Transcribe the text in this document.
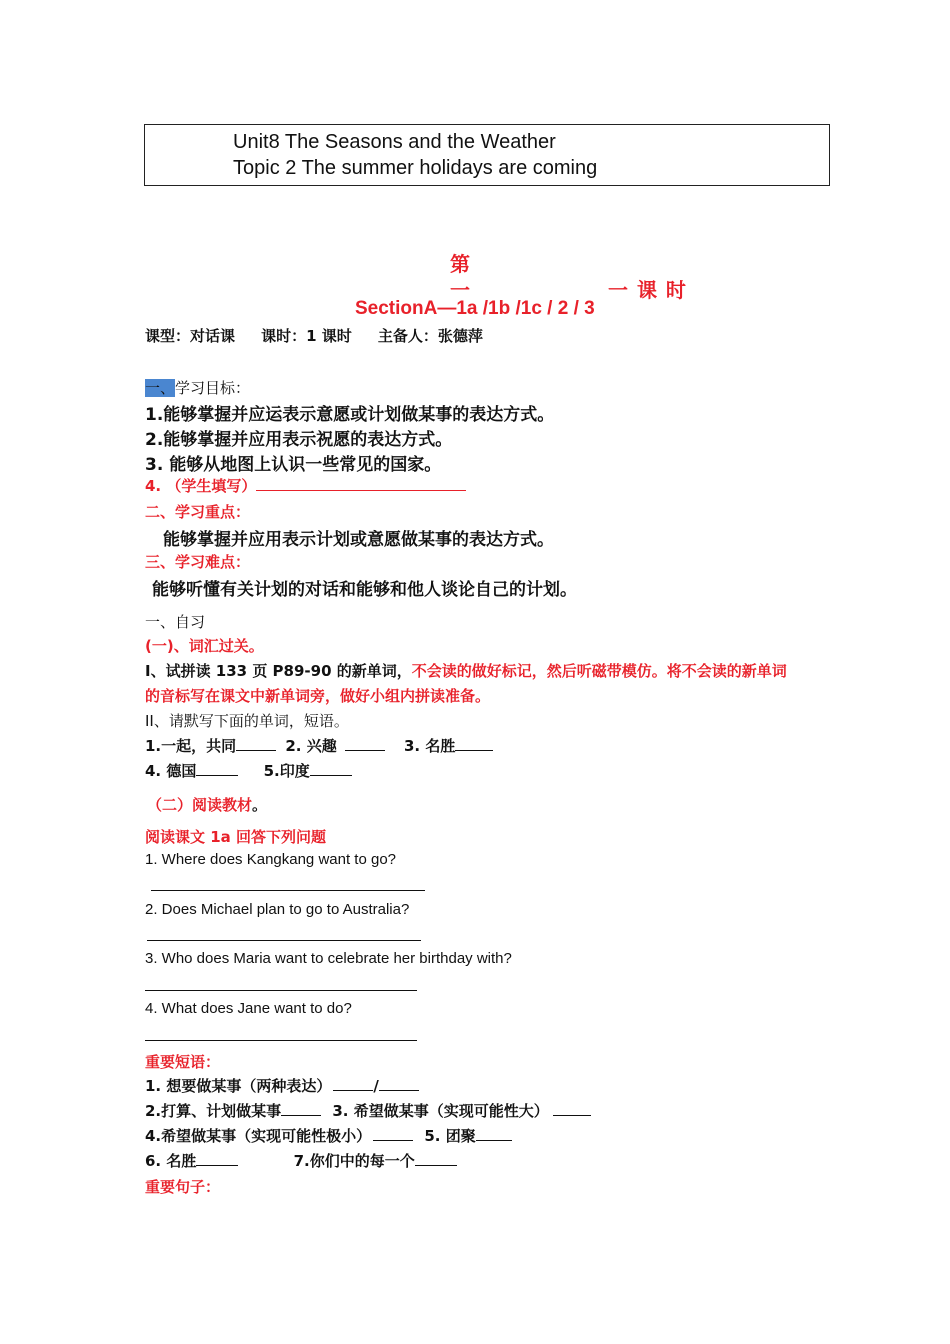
Unit8 The Seasons and the Weather
Topic 2 The summer holidays are coming
第
一	一 课 时
SectionA—1a /1b /1c / 2 / 3
课型：对话课     课时：1 课时     主备人：张德萍
一、学习目标：
1.能够掌握并应运表示意愿或计划做某事的表达方式。
2.能够掌握并应用表示祝愿的表达方式。
3. 能够从地图上认识一些常见的国家。
4. （学生填写）
二、学习重点：
能够掌握并应用表示计划或意愿做某事的表达方式。
三、学习难点：
能够听懂有关计划的对话和能够和他人谈论自己的计划。
一、自习
(一)、词汇过关。
I、试拼读 133 页 P89-90 的新单词，不会读的做好标记，然后听磁带模仿。将不会读的新单词
的音标写在课文中新单词旁，做好小组内拼读准备。
II、请默写下面的单词，短语。
1.一起，共同	2. 兴趣	3. 名胜
4. 德国	5.印度
（二）阅读教材。
阅读课文 1a 回答下列问题
1. Where does Kangkang want to go?
2. Does Michael plan to go to Australia?
3. Who does Maria want to celebrate her birthday with?
4. What does Jane want to do?
重要短语：
1. 想要做某事（两种表达）	/
2.打算、计划做某事	3. 希望做某事（实现可能性大）
4.希望做某事（实现可能性极小）	5. 团聚
6. 名胜	7.你们中的每一个
重要句子：
